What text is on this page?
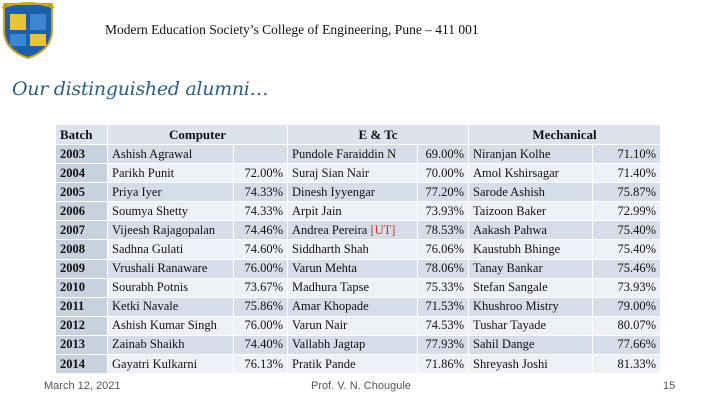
Modern Education Society’s College of Engineering, Pune – 411 001
Our distinguished alumni…
Batch	Computer		E & Tc		Mechanical	
2003	Ashish Agrawal		Pundole Faraiddin N	69.00%	Niranjan Kolhe	71.10%
2004	Parikh Punit	72.00%	Suraj Sian Nair	70.00%	Amol Kshirsagar	71.40%
2005	Priya Iyer	74.33%	Dinesh Iyyengar	77.20%	Sarode Ashish	75.87%
2006	Soumya Shetty	74.33%	Arpit Jain	73.93%	Taizoon Baker	72.99%
2007	Vijeesh Rajagopalan	74.46%	Andrea Pereira [UT]	78.53%	Aakash Pahwa	75.40%
2008	Sadhna Gulati	74.60%	Siddharth Shah	76.06%	Kaustubh Bhinge	75.40%
2009	Vrushali Ranaware	76.00%	Varun Mehta	78.06%	Tanay Bankar	75.46%
2010	Sourabh Potnis	73.67%	Madhura Tapse	75.33%	Stefan Sangale	73.93%
2011	Ketki Navale	75.86%	Amar Khopade	71.53%	Khushroo Mistry	79.00%
2012	Ashish Kumar Singh	76.00%	Varun Nair	74.53%	Tushar Tayade	80.07%
2013	Zainab Shaikh	74.40%	Vallabh Jagtap	77.93%	Sahil Dange	77.66%
2014	Gayatri Kulkarni	76.13%	Pratik Pande	71.86%	Shreyash Joshi	81.33%
March 12, 2021	Prof. V. N. Chougule	15
